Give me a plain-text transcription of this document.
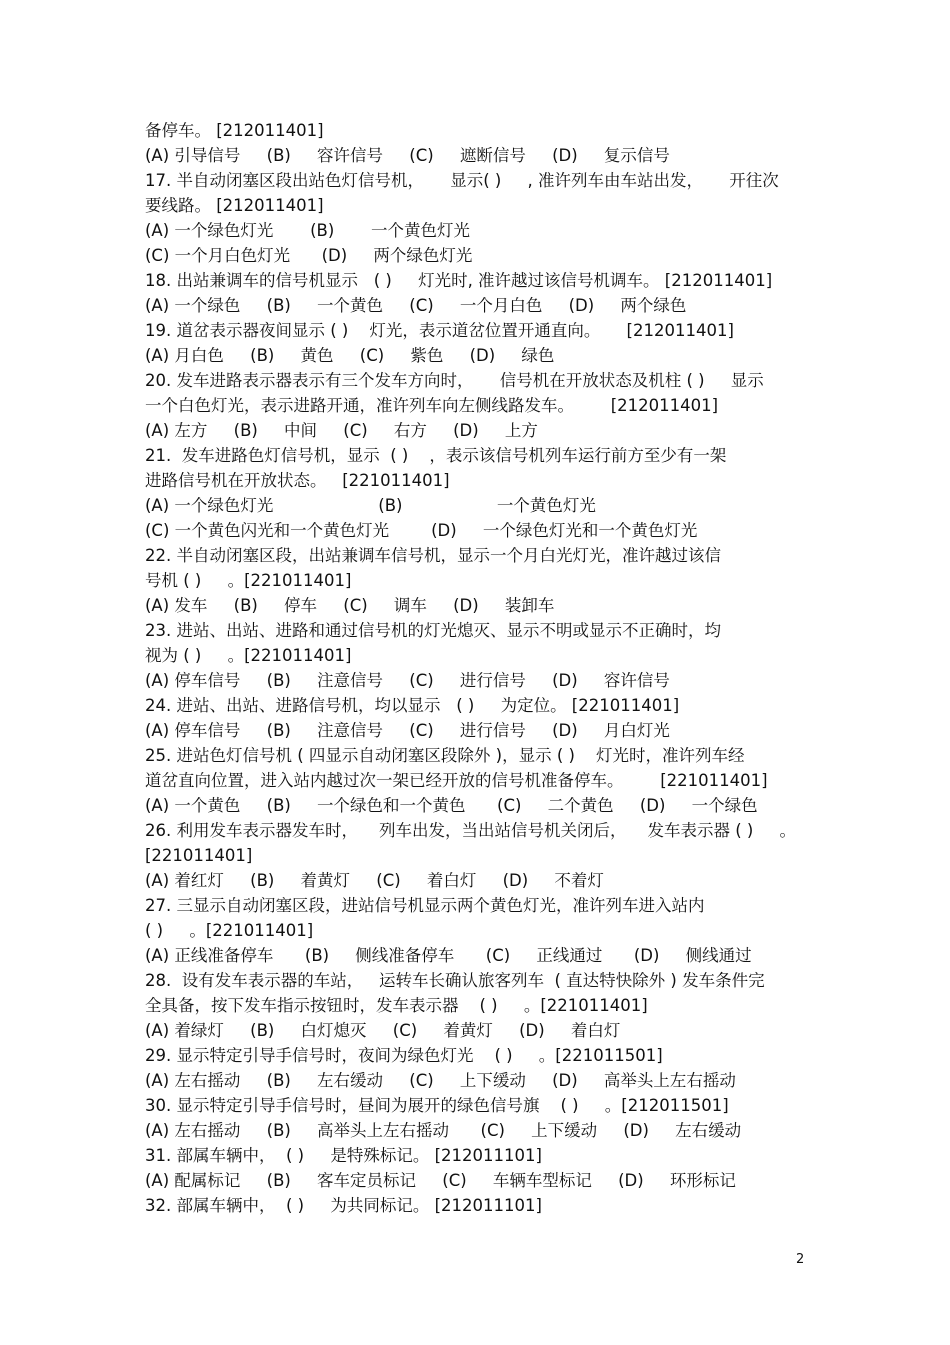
备停车。 [212011401]
(A) 引导信号     (B)     容许信号     (C)     遮断信号     (D)     复示信号
17. 半自动闭塞区段出站色灯信号机，     显示( )     , 准许列车由车站出发，     开往次
要线路。 [212011401]
(A) 一个绿色灯光       (B)       一个黄色灯光
(C) 一个月白色灯光      (D)     两个绿色灯光
18. 出站兼调车的信号机显示   ( )     灯光时, 准许越过该信号机调车。 [212011401]
(A) 一个绿色     (B)     一个黄色     (C)     一个月白色     (D)     两个绿色
19. 道岔表示器夜间显示 ( )    灯光，表示道岔位置开通直向。     [212011401]
(A) 月白色     (B)     黄色     (C)     紫色     (D)     绿色
20. 发车进路表示器表示有三个发车方向时，     信号机在开放状态及机柱 ( )     显示
一个白色灯光，表示进路开通，准许列车向左侧线路发车。       [212011401]
(A) 左方     (B)     中间     (C)     右方     (D)     上方
21.  发车进路色灯信号机，显示  ( )    ，表示该信号机列车运行前方至少有一架
进路信号机在开放状态。   [221011401]
(A) 一个绿色灯光                    (B)                  一个黄色灯光
(C) 一个黄色闪光和一个黄色灯光        (D)     一个绿色灯光和一个黄色灯光
22. 半自动闭塞区段，出站兼调车信号机，显示一个月白光灯光，准许越过该信
号机 ( )     。[221011401]
(A) 发车     (B)     停车     (C)     调车     (D)     装卸车
23. 进站、出站、进路和通过信号机的灯光熄灭、显示不明或显示不正确时，均
视为 ( )     。[221011401]
(A) 停车信号     (B)     注意信号     (C)     进行信号     (D)     容许信号
24. 进站、出站、进路信号机，均以显示   ( )     为定位。 [221011401]
(A) 停车信号     (B)     注意信号     (C)     进行信号     (D)     月白灯光
25. 进站色灯信号机 ( 四显示自动闭塞区段除外 )，显示 ( )    灯光时，准许列车经
道岔直向位置，进入站内越过次一架已经开放的信号机准备停车。       [221011401]
(A) 一个黄色     (B)     一个绿色和一个黄色      (C)     二个黄色     (D)     一个绿色
26. 利用发车表示器发车时，    列车出发，当出站信号机关闭后，    发车表示器 ( )     。
[221011401]
(A) 着红灯     (B)     着黄灯     (C)     着白灯     (D)     不着灯
27. 三显示自动闭塞区段，进站信号机显示两个黄色灯光，准许列车进入站内
( )     。[221011401]
(A) 正线准备停车      (B)     侧线准备停车      (C)     正线通过      (D)     侧线通过
28.  设有发车表示器的车站，   运转车长确认旅客列车  ( 直达特快除外 ) 发车条件完
全具备，按下发车指示按钮时，发车表示器    ( )     。[221011401]
(A) 着绿灯     (B)     白灯熄灭     (C)     着黄灯     (D)     着白灯
29. 显示特定引导手信号时，夜间为绿色灯光    ( )     。[221011501]
(A) 左右摇动     (B)     左右缓动     (C)     上下缓动     (D)     高举头上左右摇动
30. 显示特定引导手信号时，昼间为展开的绿色信号旗    ( )     。[212011501]
(A) 左右摇动     (B)     高举头上左右摇动      (C)     上下缓动     (D)     左右缓动
31. 部属车辆中，  ( )     是特殊标记。 [212011101]
(A) 配属标记     (B)     客车定员标记     (C)     车辆车型标记     (D)     环形标记
32. 部属车辆中，  ( )     为共同标记。 [212011101]
2
